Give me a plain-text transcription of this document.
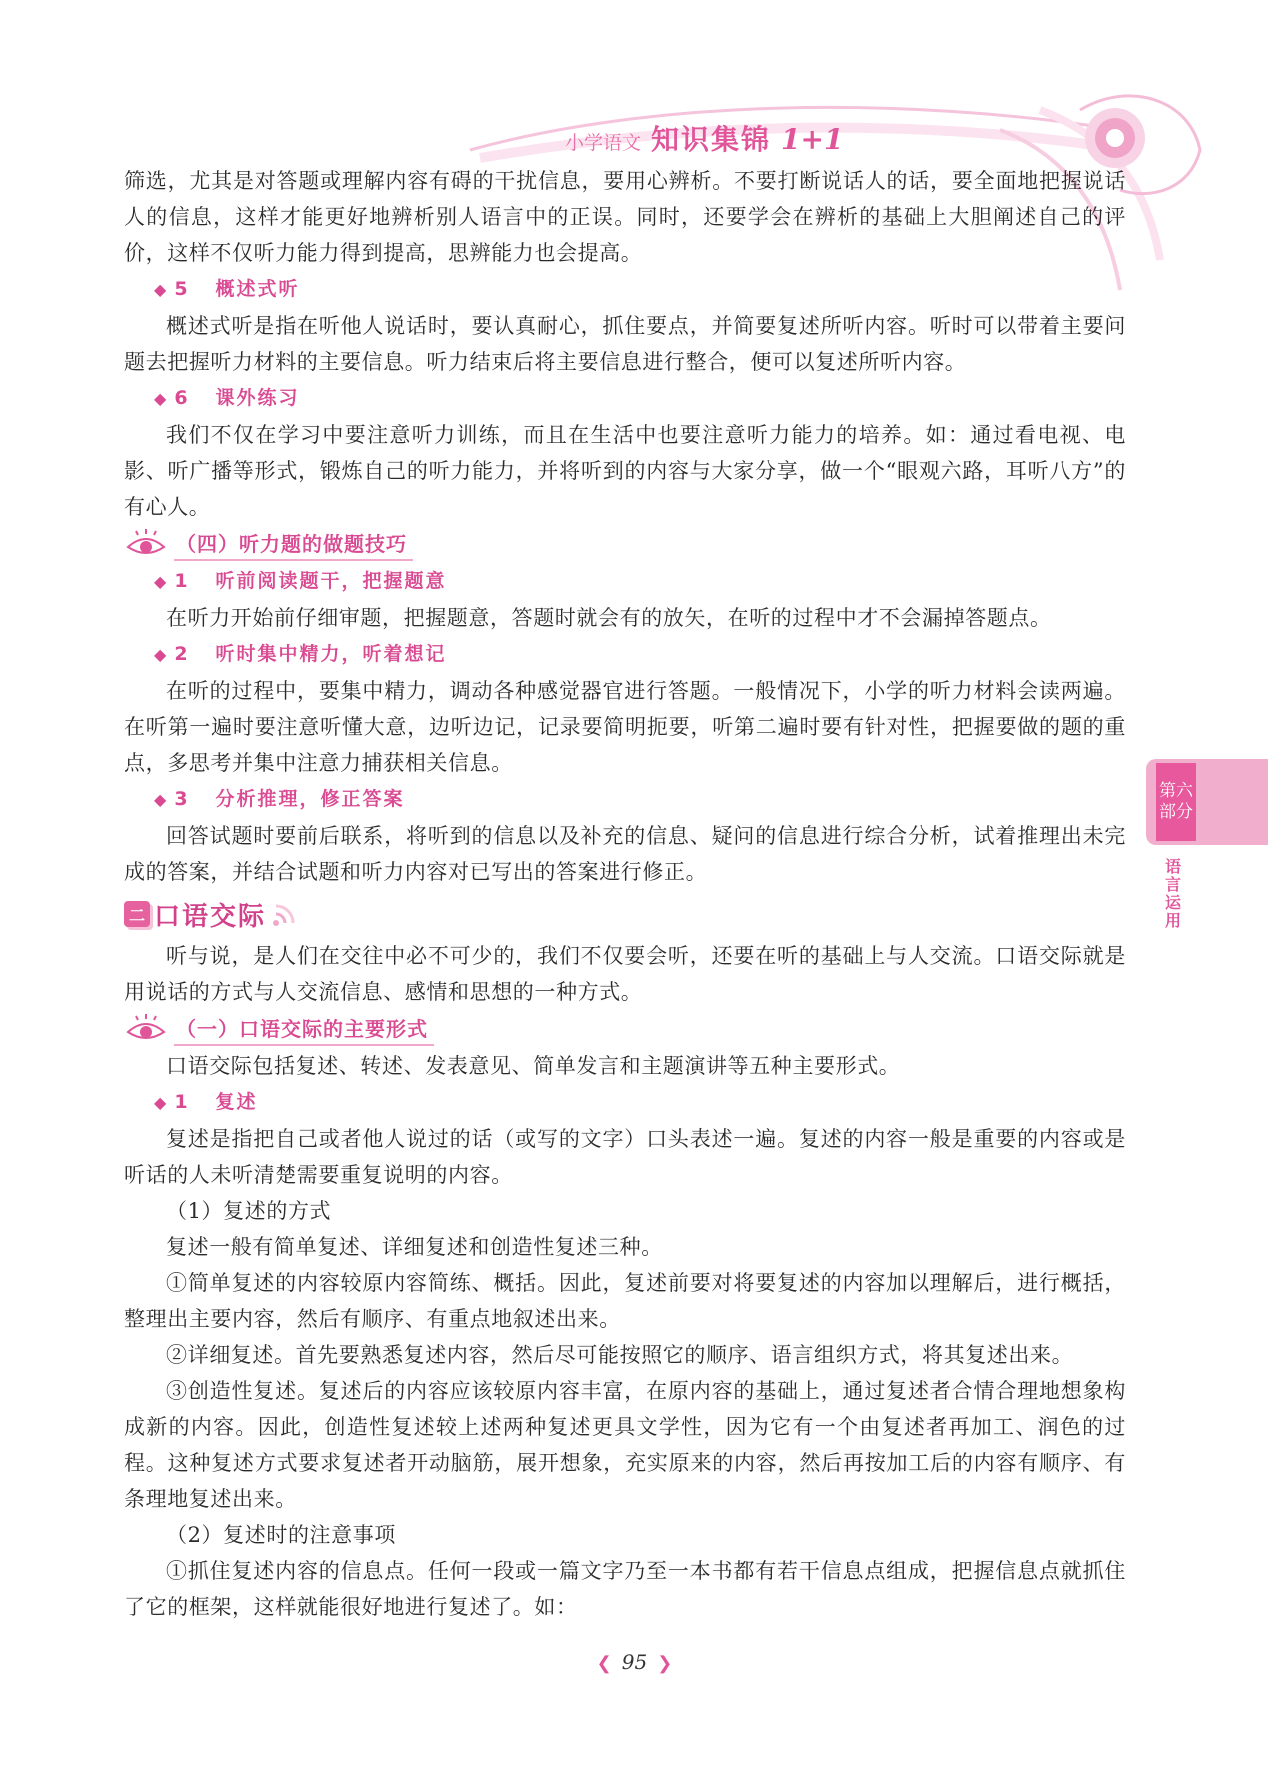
小学语文 知识集锦 1+1

筛选，尤其是对答题或理解内容有碍的干扰信息，要用心辨析。不要打断说话人的话，要全面地把握说话人的信息，这样才能更好地辨析别人语言中的正误。同时，还要学会在辨析的基础上大胆阐述自己的评价，这样不仅听力能力得到提高，思辨能力也会提高。

◆ 5 概述式听

概述式听是指在听他人说话时，要认真耐心，抓住要点，并简要复述所听内容。听时可以带着主要问题去把握听力材料的主要信息。听力结束后将主要信息进行整合，便可以复述所听内容。

◆ 6 课外练习

我们不仅在学习中要注意听力训练，而且在生活中也要注意听力能力的培养。如：通过看电视、电影、听广播等形式，锻炼自己的听力能力，并将听到的内容与大家分享，做一个“眼观六路，耳听八方”的有心人。

（四）听力题的做题技巧
◆ 1 听前阅读题干，把握题意

在听力开始前仔细审题，把握题意，答题时就会有的放矢，在听的过程中才不会漏掉答题点。

◆ 2 听时集中精力，听着想记

在听的过程中，要集中精力，调动各种感觉器官进行答题。一般情况下，小学的听力材料会读两遍。在听第一遍时要注意听懂大意，边听边记，记录要简明扼要，听第二遍时要有针对性，把握要做的题的重点，多思考并集中注意力捕获相关信息。

◆ 3 分析推理，修正答案

回答试题时要前后联系，将听到的信息以及补充的信息、疑问的信息进行综合分析，试着推理出未完成的答案，并结合试题和听力内容对已写出的答案进行修正。

二 口语交际

听与说，是人们在交往中必不可少的，我们不仅要会听，还要在听的基础上与人交流。口语交际就是用说话的方式与人交流信息、感情和思想的一种方式。

（一）口语交际的主要形式

口语交际包括复述、转述、发表意见、简单发言和主题演讲等五种主要形式。

◆ 1 复述

复述是指把自己或者他人说过的话（或写的文字）口头表述一遍。复述的内容一般是重要的内容或是听话的人未听清楚需要重复说明的内容。

（1）复述的方式

复述一般有简单复述、详细复述和创造性复述三种。

①简单复述的内容较原内容简练、概括。因此，复述前要对将要复述的内容加以理解后，进行概括，整理出主要内容，然后有顺序、有重点地叙述出来。

②详细复述。首先要熟悉复述内容，然后尽可能按照它的顺序、语言组织方式，将其复述出来。

③创造性复述。复述后的内容应该较原内容丰富，在原内容的基础上，通过复述者合情合理地想象构成新的内容。因此，创造性复述较上述两种复述更具文学性，因为它有一个由复述者再加工、润色的过程。这种复述方式要求复述者开动脑筋，展开想象，充实原来的内容，然后再按加工后的内容有顺序、有条理地复述出来。

（2）复述时的注意事项

①抓住复述内容的信息点。任何一段或一篇文字乃至一本书都有若干信息点组成，把握信息点就抓住了它的框架，这样就能很好地进行复述了。如：

第六
部分
语言运用
❮ 95 ❯
